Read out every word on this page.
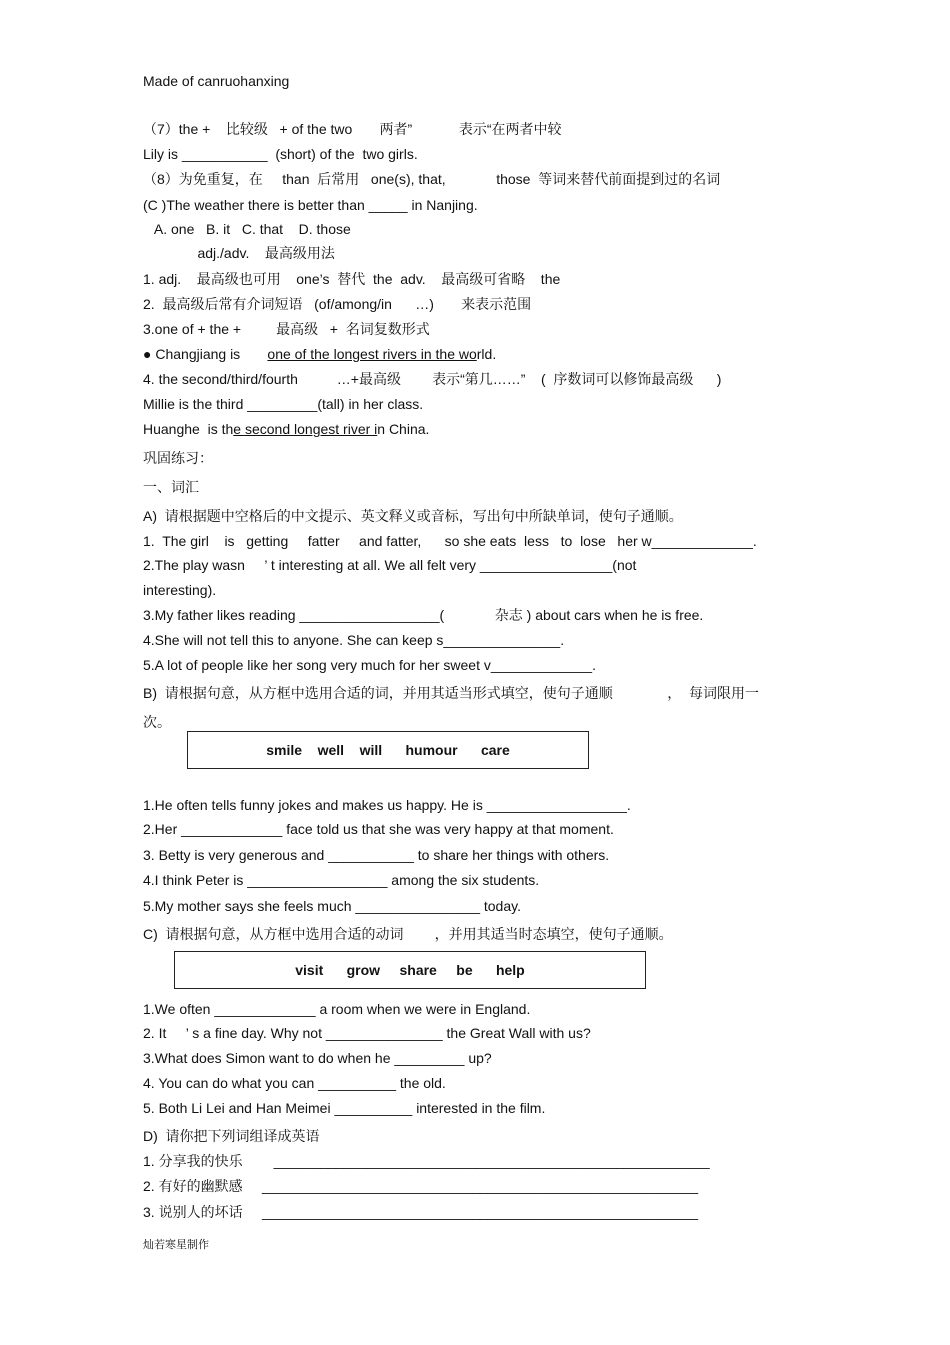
Made of canruohanxing
（7）the +    比较级   + of the two       两者”            表示“在两者中较
Lily is ___________  (short) of the  two girls.
（8）为免重复，在     than  后常用   one(s), that,             those  等词来替代前面提到过的名词
(C )The weather there is better than _____ in Nanjing.
A. one   B. it   C. that    D. those
adj./adv.    最高级用法
1. adj.    最高级也可用    one’s  替代  the  adv.    最高级可省略    the
2.  最高级后常有介词短语   (of/among/in      …)       来表示范围
3.one of + the +         最高级   +  名词复数形式
● Changjiang is       one of the longest rivers in the world.
4. the second/third/fourth          …+最高级        表示“第几……”    (  序数词可以修饰最高级      )
Millie is the third _________(tall) in her class.
Huanghe  is the second longest river in China.
巩固练习：
一、词汇
A)  请根据题中空格后的中文提示、英文释义或音标，写出句中所缺单词，使句子通顺。
1.  The girl    is   getting     fatter     and fatter,      so she eats  less   to  lose   her w_____________.
2.The play wasn     ’ t interesting at all. We all felt very _________________(not
interesting).
3.My father likes reading __________________(             杂志 ) about cars when he is free.
4.She will not tell this to anyone. She can keep s_______________.
5.A lot of people like her song very much for her sweet v_____________.
B)  请根据句意，从方框中选用合适的词，并用其适当形式填空，使句子通顺              ，  每词限用一
次。
smile    well    will      humour      care
1.He often tells funny jokes and makes us happy. He is __________________.
2.Her _____________ face told us that she was very happy at that moment.
3. Betty is very generous and ___________ to share her things with others.
4.I think Peter is __________________ among the six students.
5.My mother says she feels much ________________ today.
C)  请根据句意，从方框中选用合适的动词        ，并用其适当时态填空，使句子通顺。
visit      grow     share     be      help
1.We often _____________ a room when we were in England.
2. It     ’ s a fine day. Why not _______________ the Great Wall with us?
3.What does Simon want to do when he _________ up?
4. You can do what you can __________ the old.
5. Both Li Lei and Han Meimei __________ interested in the film.
D)  请你把下列词组译成英语
1. 分享我的快乐        ________________________________________________________
2. 有好的幽默感     ________________________________________________________
3. 说别人的坏话     ________________________________________________________
灿若寒星制作
